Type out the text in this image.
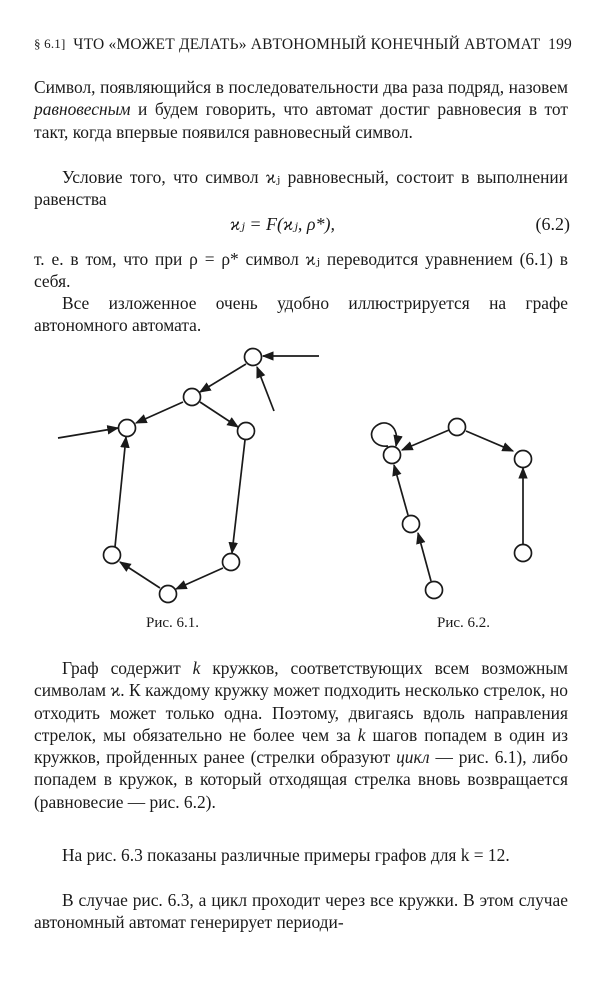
§ 6.1] ЧТО «МОЖЕТ ДЕЛАТЬ» АВТОНОМНЫЙ КОНЕЧНЫЙ АВТОМАТ 199

Символ, появляющийся в последовательности два раза подряд, назовем равновесным и будем говорить, что автомат достиг равновесия в тот такт, когда впервые появился равновесный символ.

Условие того, что символ ϰⱼ равновесный, состоит в выполнении равенства

ϰⱼ = F(ϰⱼ, ρ*),	(6.2)

т. е. в том, что при ρ = ρ* символ ϰⱼ переводится уравнением (6.1) в себя.

Все изложенное очень удобно иллюстрируется на графе автономного автомата.

Рис. 6.1.	Рис. 6.2.

Граф содержит k кружков, соответствующих всем возможным символам ϰ. К каждому кружку может подходить несколько стрелок, но отходить может только одна. Поэтому, двигаясь вдоль направления стрелок, мы обязательно не более чем за k шагов попадем в один из кружков, пройденных ранее (стрелки образуют цикл — рис. 6.1), либо попадем в кружок, в который отходящая стрелка вновь возвращается (равновесие — рис. 6.2).

На рис. 6.3 показаны различные примеры графов для k = 12.

В случае рис. 6.3, а цикл проходит через все кружки. В этом случае автономный автомат генерирует периоди-
